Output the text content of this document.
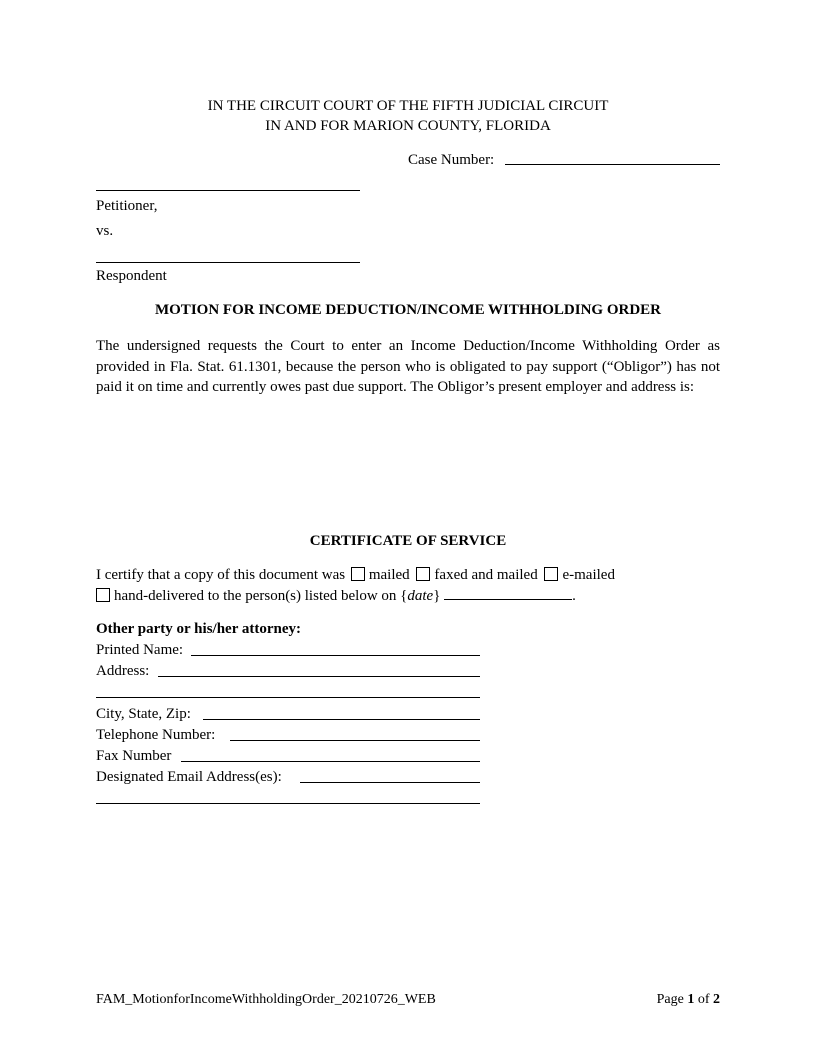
IN THE CIRCUIT COURT OF THE FIFTH JUDICIAL CIRCUIT
IN AND FOR MARION COUNTY, FLORIDA
Case Number:
Petitioner,
vs.
Respondent
MOTION FOR INCOME DEDUCTION/INCOME WITHHOLDING ORDER
The undersigned requests the Court to enter an Income Deduction/Income Withholding Order as provided in Fla. Stat. 61.1301, because the person who is obligated to pay support (“Obligor”) has not paid it on time and currently owes past due support. The Obligor’s present employer and address is:
CERTIFICATE OF SERVICE
I certify that a copy of this document was mailed faxed and mailed e-mailed
hand-delivered to the person(s) listed below on {date}	.
Other party or his/her attorney:
Printed Name:
Address:
City, State, Zip:
Telephone Number:
Fax Number
Designated Email Address(es):
FAM_MotionforIncomeWithholdingOrder_20210726_WEB	Page 1 of 2
